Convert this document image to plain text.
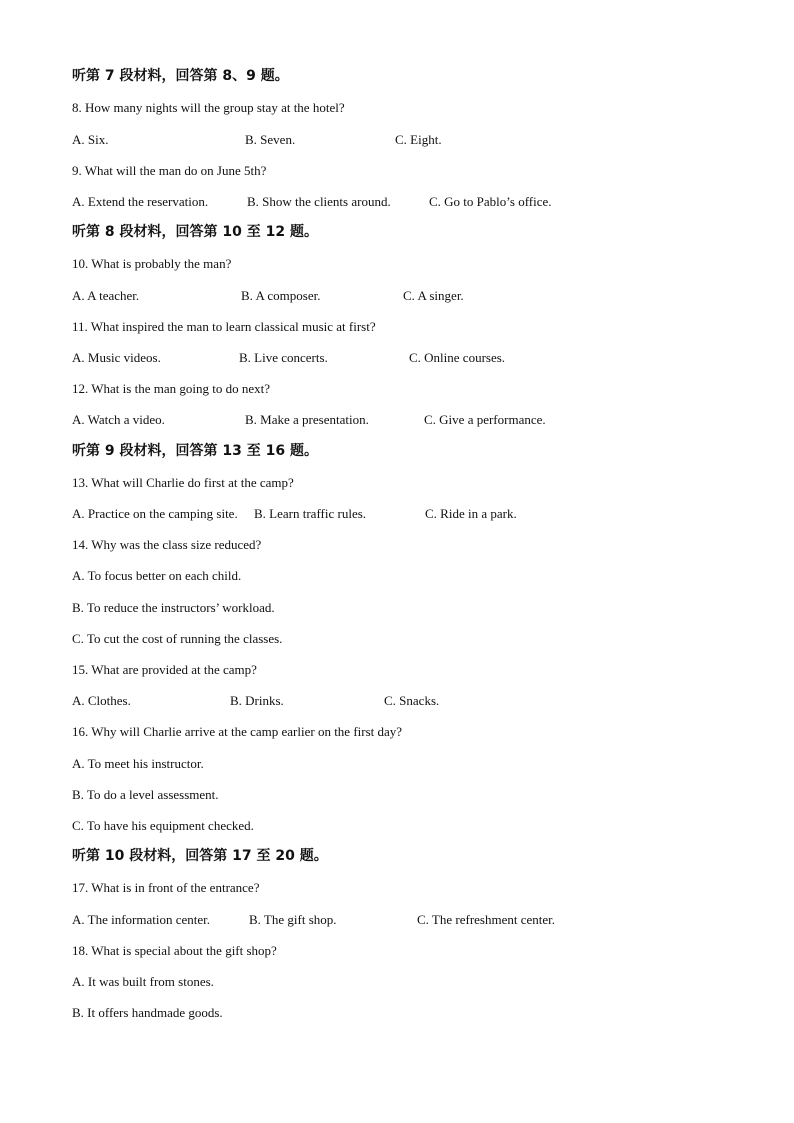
听第 7 段材料，回答第 8、9 题。
8. How many nights will the group stay at the hotel?
A. Six.	B. Seven.	C. Eight.
9. What will the man do on June 5th?
A. Extend the reservation.	B. Show the clients around.	C. Go to Pablo’s office.
听第 8 段材料，回答第 10 至 12 题。
10. What is probably the man?
A. A teacher.	B. A composer.	C. A singer.
11. What inspired the man to learn classical music at first?
A. Music videos.	B. Live concerts.	C. Online courses.
12. What is the man going to do next?
A. Watch a video.	B. Make a presentation.	C. Give a performance.
听第 9 段材料，回答第 13 至 16 题。
13. What will Charlie do first at the camp?
A. Practice on the camping site. B. Learn traffic rules.	C. Ride in a park.
14. Why was the class size reduced?
A. To focus better on each child.
B. To reduce the instructors’ workload.
C. To cut the cost of running the classes.
15. What are provided at the camp?
A. Clothes.	B. Drinks.	C. Snacks.
16. Why will Charlie arrive at the camp earlier on the first day?
A. To meet his instructor.
B. To do a level assessment.
C. To have his equipment checked.
听第 10 段材料，回答第 17 至 20 题。
17. What is in front of the entrance?
A. The information center.	B. The gift shop.	C. The refreshment center.
18. What is special about the gift shop?
A. It was built from stones.
B. It offers handmade goods.
